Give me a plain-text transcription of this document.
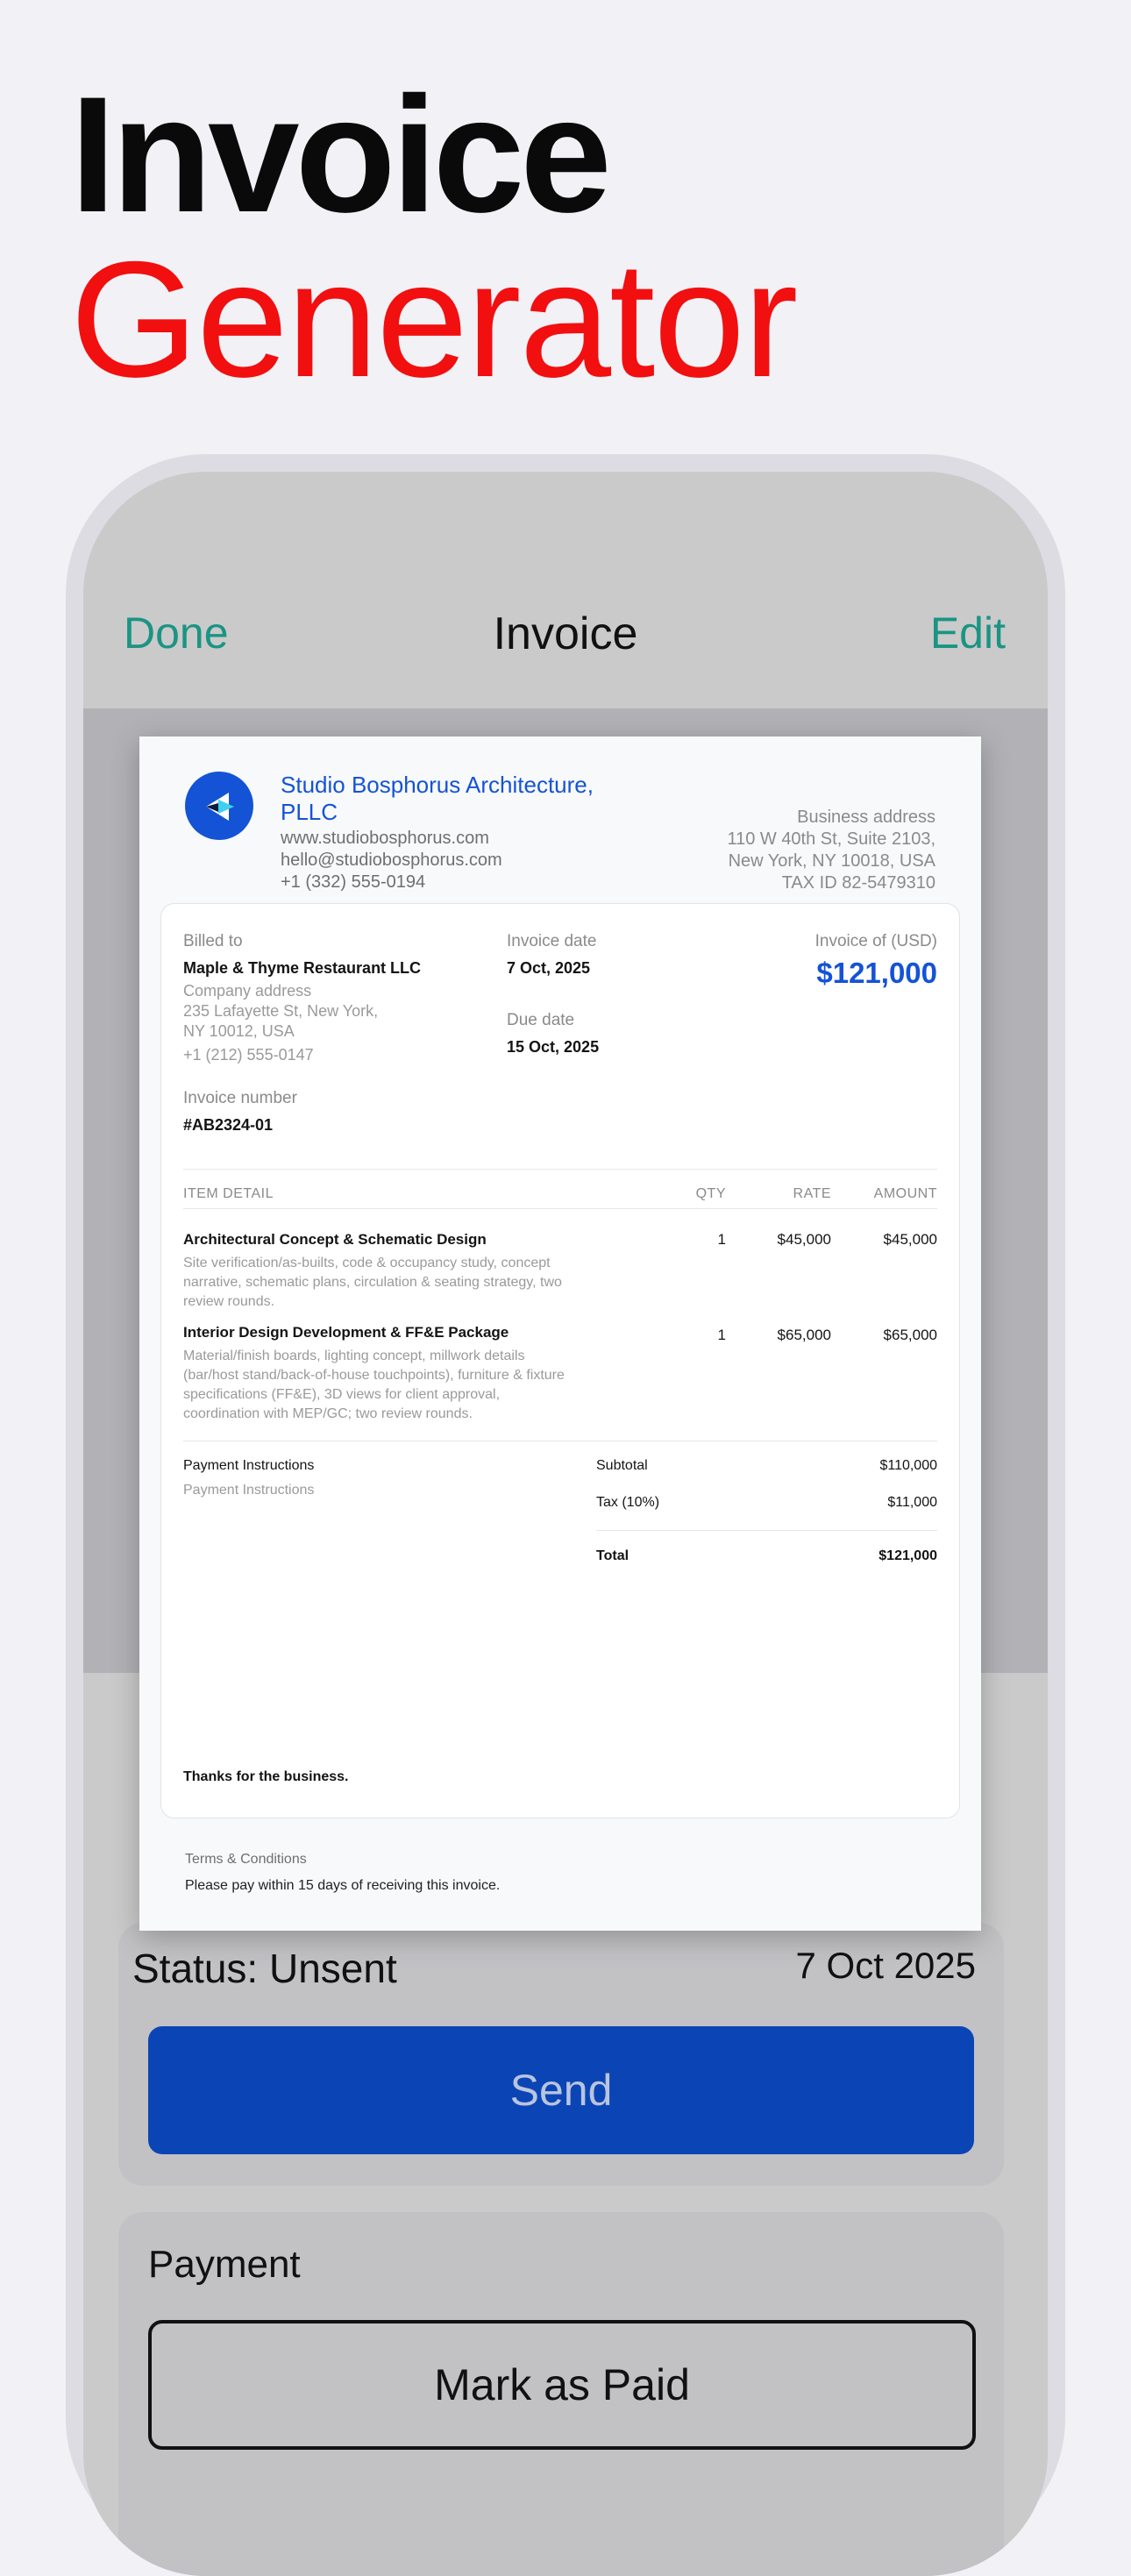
Invoice
Generator
Done	Invoice	Edit
Status: Unsent	7 Oct 2025
Send
Payment
Mark as Paid
Studio Bosphorus Architecture, PLLC
www.studiobosphorus.com
hello@studiobosphorus.com
+1 (332) 555-0194
Business address
110 W 40th St, Suite 2103,
New York, NY 10018, USA
TAX ID 82-5479310
Billed to
Maple & Thyme Restaurant LLC
Company address
235 Lafayette St, New York,
NY 10012, USA
+1 (212) 555-0147
Invoice date
7 Oct, 2025
Due date
15 Oct, 2025
Invoice of (USD)
$121,000
Invoice number
#AB2324-01
ITEM DETAIL	QTY	RATE	AMOUNT
Architectural Concept & Schematic Design
Site verification/as-builts, code & occupancy study, concept narrative, schematic plans, circulation & seating strategy, two review rounds.
1	$45,000	$45,000
Interior Design Development & FF&E Package
Material/finish boards, lighting concept, millwork details (bar/host stand/back-of-house touchpoints), furniture & fixture specifications (FF&E), 3D views for client approval, coordination with MEP/GC; two review rounds.
1	$65,000	$65,000
Payment Instructions
Payment Instructions
Subtotal	$110,000
Tax (10%)	$11,000
Total	$121,000
Thanks for the business.
Terms & Conditions
Please pay within 15 days of receiving this invoice.
